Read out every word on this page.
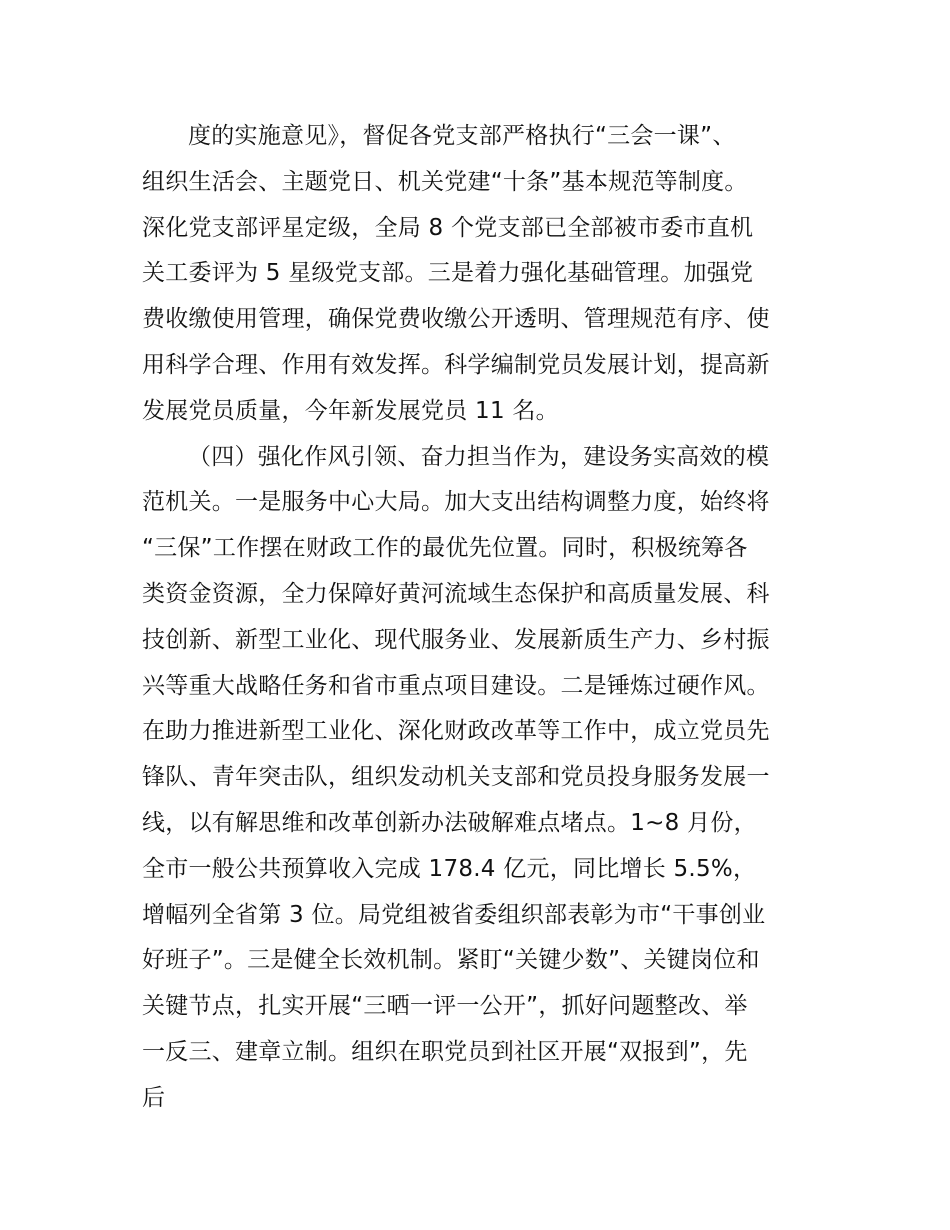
度的实施意见》，督促各党支部严格执行“三会一课”、
组织生活会、主题党日、机关党建“十条”基本规范等制度。
深化党支部评星定级，全局 8 个党支部已全部被市委市直机
关工委评为 5 星级党支部。三是着力强化基础管理。加强党
费收缴使用管理，确保党费收缴公开透明、管理规范有序、使
用科学合理、作用有效发挥。科学编制党员发展计划，提高新
发展党员质量，今年新发展党员 11 名。
（四）强化作风引领、奋力担当作为，建设务实高效的模
范机关。一是服务中心大局。加大支出结构调整力度，始终将
“三保”工作摆在财政工作的最优先位置。同时，积极统筹各
类资金资源，全力保障好黄河流域生态保护和高质量发展、科
技创新、新型工业化、现代服务业、发展新质生产力、乡村振
兴等重大战略任务和省市重点项目建设。二是锤炼过硬作风。
在助力推进新型工业化、深化财政改革等工作中，成立党员先
锋队、青年突击队，组织发动机关支部和党员投身服务发展一
线，以有解思维和改革创新办法破解难点堵点。1~8 月份，
全市一般公共预算收入完成 178.4 亿元，同比增长 5.5%，
增幅列全省第 3 位。局党组被省委组织部表彰为市“干事创业
好班子”。三是健全长效机制。紧盯“关键少数”、关键岗位和
关键节点，扎实开展“三晒一评一公开”，抓好问题整改、举
一反三、建章立制。组织在职党员到社区开展“双报到”，先
后
